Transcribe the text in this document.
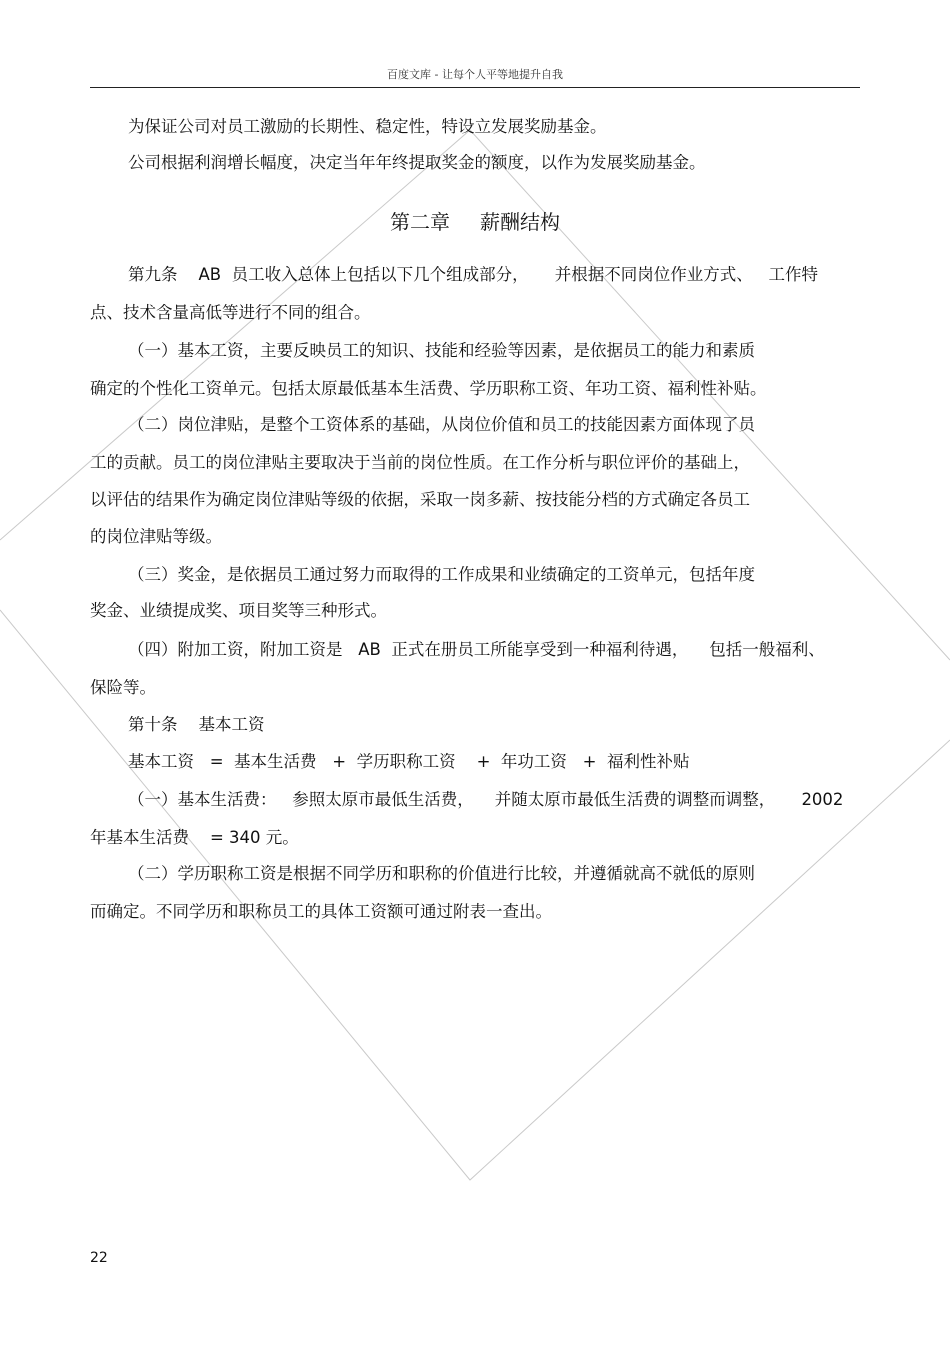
百度文库 - 让每个人平等地提升自我
为保证公司对员工激励的长期性、稳定性，特设立发展奖励基金。
公司根据利润增长幅度，决定当年年终提取奖金的额度，以作为发展奖励基金。
第二章 薪酬结构
第九条    AB  员工收入总体上包括以下几个组成部分，     并根据不同岗位作业方式、   工作特
点、技术含量高低等进行不同的组合。
（一）基本工资，主要反映员工的知识、技能和经验等因素，是依据员工的能力和素质
确定的个性化工资单元。包括太原最低基本生活费、学历职称工资、年功工资、福利性补贴。
（二）岗位津贴，是整个工资体系的基础，从岗位价值和员工的技能因素方面体现了员
工的贡献。员工的岗位津贴主要取决于当前的岗位性质。在工作分析与职位评价的基础上，
以评估的结果作为确定岗位津贴等级的依据，采取一岗多薪、按技能分档的方式确定各员工
的岗位津贴等级。
（三）奖金，是依据员工通过努力而取得的工作成果和业绩确定的工资单元，包括年度
奖金、业绩提成奖、项目奖等三种形式。
（四）附加工资，附加工资是   AB  正式在册员工所能享受到一种福利待遇，    包括一般福利、
保险等。
第十条    基本工资
基本工资   =  基本生活费   +  学历职称工资    +  年功工资   +  福利性补贴
（一）基本生活费：   参照太原市最低生活费，    并随太原市最低生活费的调整而调整，     2002
年基本生活费    = 340 元。
（二）学历职称工资是根据不同学历和职称的价值进行比较，并遵循就高不就低的原则
而确定。不同学历和职称员工的具体工资额可通过附表一查出。
22
